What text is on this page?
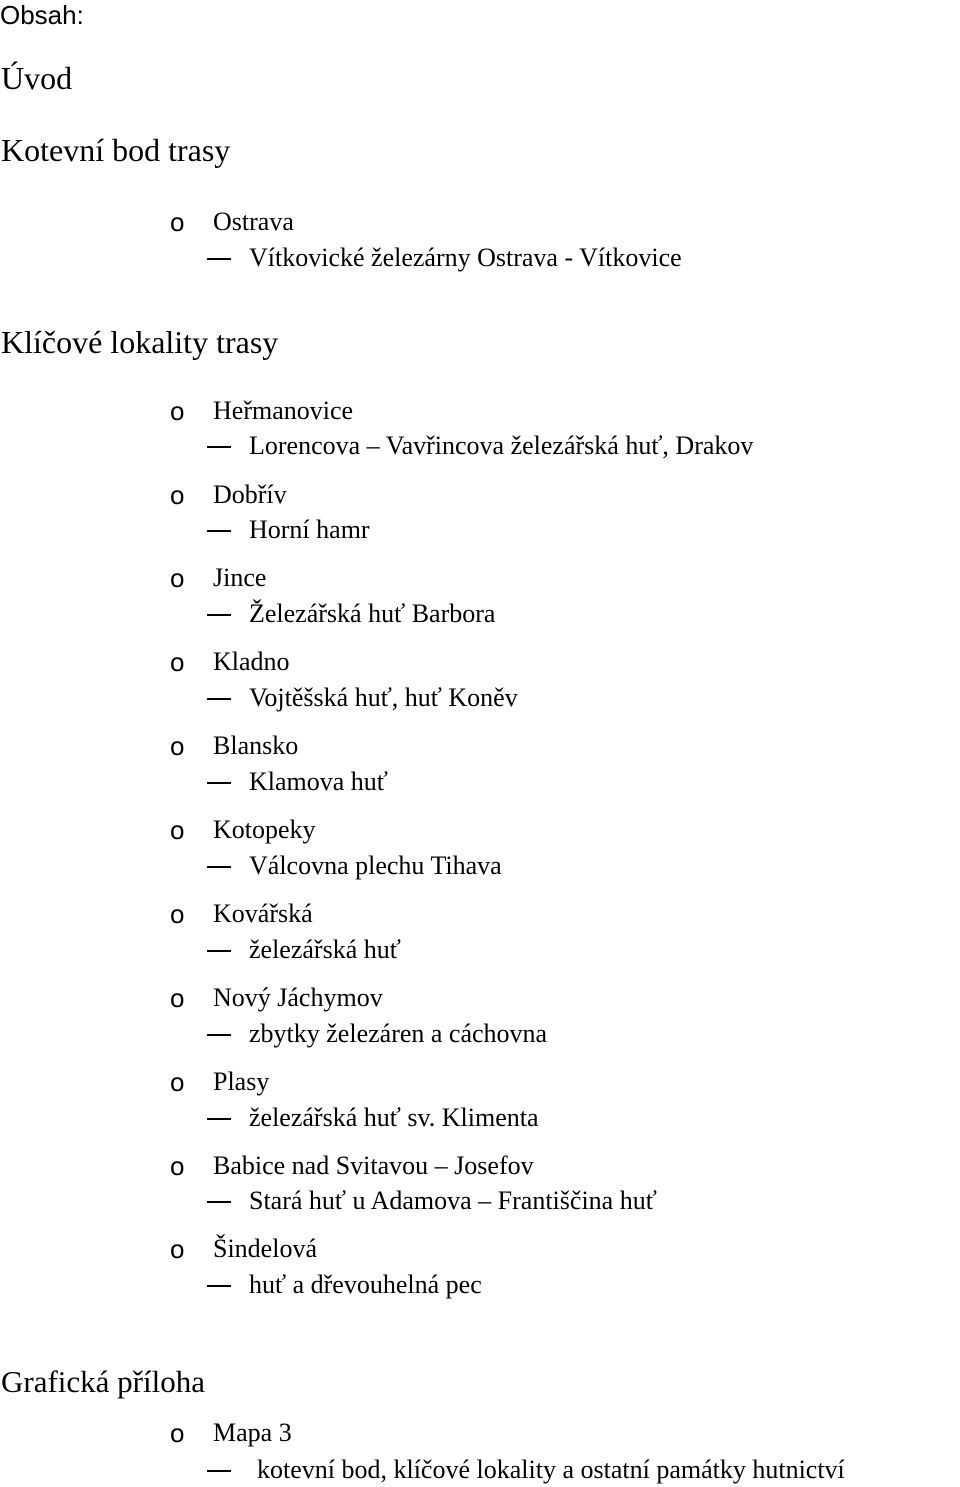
Obsah:
Úvod
Kotevní bod trasy
o Ostrava
Vítkovické železárny Ostrava - Vítkovice
Klíčové lokality trasy
o Heřmanovice
Lorencova – Vavřincova železářská huť, Drakov
o Dobřív
Horní hamr
o Jince
Železářská huť Barbora
o Kladno
Vojtěšská huť, huť Koněv
o Blansko
Klamova huť
o Kotopeky
Válcovna plechu Tihava
o Kovářská
železářská huť
o Nový Jáchymov
zbytky železáren a cáchovna
o Plasy
železářská huť sv. Klimenta
o Babice nad Svitavou – Josefov
Stará huť u Adamova – Františčina huť
o Šindelová
huť a dřevouhelná pec
Grafická příloha
o Mapa 3
kotevní bod, klíčové lokality a ostatní památky hutnictví
